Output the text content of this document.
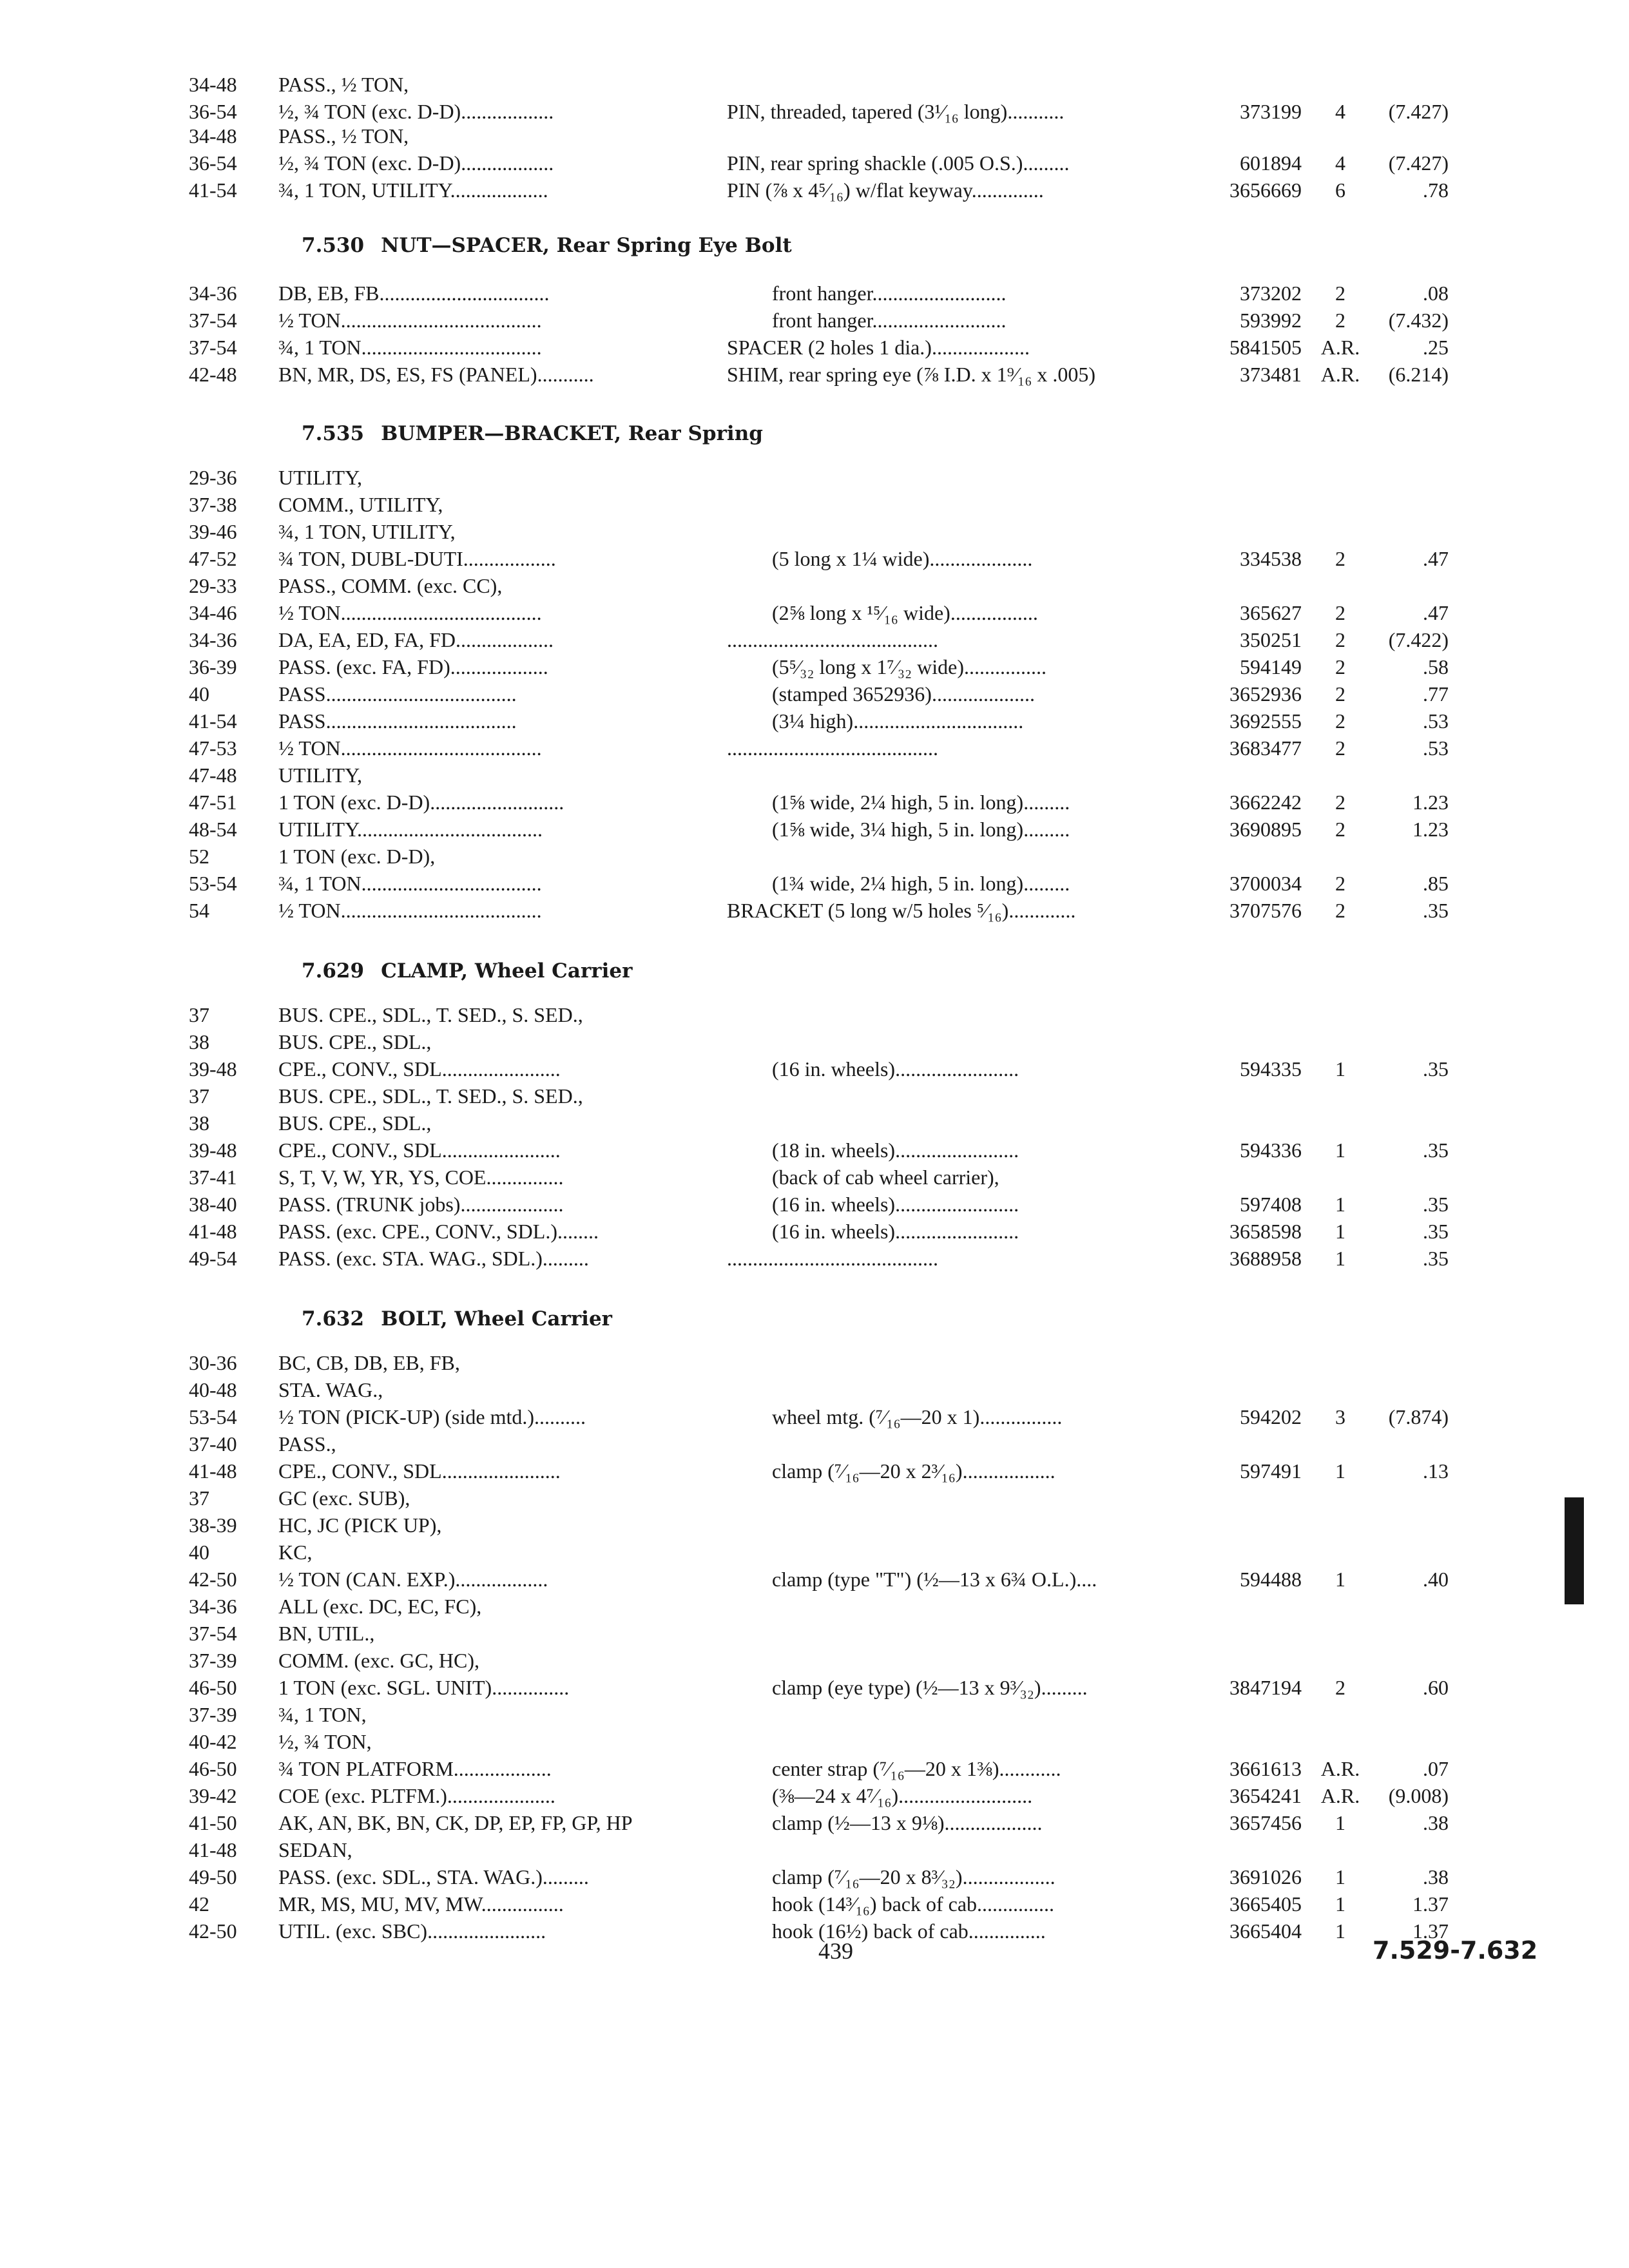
34-48	PASS., ½ TON,
36-54	½, ¾ TON (exc. D-D)..................	PIN, threaded, tapered (3¹⁄₁₆ long)...........	373199	4	(7.427)
34-48	PASS., ½ TON,
36-54	½, ¾ TON (exc. D-D)..................	PIN, rear spring shackle (.005 O.S.).........	601894	4	(7.427)
41-54	¾, 1 TON, UTILITY...................	PIN (⅞ x 4⁵⁄₁₆) w/flat keyway..............	3656669	6	.78
7.530 NUT—SPACER, Rear Spring Eye Bolt
34-36	DB, EB, FB.................................	front hanger..........................	373202	2	.08
37-54	½ TON.......................................	front hanger..........................	593992	2	(7.432)
37-54	¾, 1 TON...................................	SPACER (2 holes 1 dia.)...................	5841505 A.R.	.25
42-48	BN, MR, DS, ES, FS (PANEL)...........	SHIM, rear spring eye (⅞ I.D. x 1⁹⁄₁₆ x .005)	373481 A.R.	(6.214)
7.535 BUMPER—BRACKET, Rear Spring
29-36	UTILITY,
37-38	COMM., UTILITY,
39-46	¾, 1 TON, UTILITY,
47-52	¾ TON, DUBL-DUTI..................	(5 long x 1¼ wide)....................	334538	2	.47
29-33	PASS., COMM. (exc. CC),
34-46	½ TON.......................................	(2⅝ long x ¹⁵⁄₁₆ wide).................	365627	2	.47
34-36	DA, EA, ED, FA, FD...................	.........................................	350251	2	(7.422)
36-39	PASS. (exc. FA, FD)...................	(5⁵⁄₃₂ long x 1⁷⁄₃₂ wide)................	594149	2	.58
40	PASS.....................................	(stamped 3652936)....................	3652936	2	.77
41-54	PASS.....................................	(3¼ high).................................	3692555	2	.53
47-53	½ TON.......................................	.........................................	3683477	2	.53
47-48	UTILITY,
47-51	1 TON (exc. D-D)..........................	(1⅝ wide, 2¼ high, 5 in. long).........	3662242	2	1.23
48-54	UTILITY....................................	(1⅝ wide, 3¼ high, 5 in. long).........	3690895	2	1.23
52	1 TON (exc. D-D),
53-54	¾, 1 TON...................................	(1¾ wide, 2¼ high, 5 in. long).........	3700034	2	.85
54	½ TON.......................................	BRACKET (5 long w/5 holes ⁵⁄₁₆).............	3707576	2	.35
7.629 CLAMP, Wheel Carrier
37	BUS. CPE., SDL., T. SED., S. SED.,
38	BUS. CPE., SDL.,
39-48	CPE., CONV., SDL.......................	(16 in. wheels)........................	594335	1	.35
37	BUS. CPE., SDL., T. SED., S. SED.,
38	BUS. CPE., SDL.,
39-48	CPE., CONV., SDL.......................	(18 in. wheels)........................	594336	1	.35
37-41	S, T, V, W, YR, YS, COE...............	(back of cab wheel carrier),
38-40	PASS. (TRUNK jobs)....................	(16 in. wheels)........................	597408	1	.35
41-48	PASS. (exc. CPE., CONV., SDL.)........	(16 in. wheels)........................	3658598	1	.35
49-54	PASS. (exc. STA. WAG., SDL.).........	.........................................	3688958	1	.35
7.632 BOLT, Wheel Carrier
30-36	BC, CB, DB, EB, FB,
40-48	STA. WAG.,
53-54	½ TON (PICK-UP) (side mtd.)..........	wheel mtg. (⁷⁄₁₆—20 x 1)................	594202	3	(7.874)
37-40	PASS.,
41-48	CPE., CONV., SDL.......................	clamp (⁷⁄₁₆—20 x 2³⁄₁₆)..................	597491	1	.13
37	GC (exc. SUB),
38-39	HC, JC (PICK UP),
40	KC,
42-50	½ TON (CAN. EXP.)..................	clamp (type "T") (½—13 x 6¾ O.L.)....	594488	1	.40
34-36	ALL (exc. DC, EC, FC),
37-54	BN, UTIL.,
37-39	COMM. (exc. GC, HC),
46-50	1 TON (exc. SGL. UNIT)...............	clamp (eye type) (½—13 x 9³⁄₃₂).........	3847194	2	.60
37-39	¾, 1 TON,
40-42	½, ¾ TON,
46-50	¾ TON PLATFORM...................	center strap (⁷⁄₁₆—20 x 1⅜)............	3661613 A.R.	.07
39-42	COE (exc. PLTFM.).....................	(⅜—24 x 4⁷⁄₁₆)..........................	3654241 A.R.	(9.008)
41-50	AK, AN, BK, BN, CK, DP, EP, FP, GP, HP	clamp (½—13 x 9⅛)...................	3657456	1	.38
41-48	SEDAN,
49-50	PASS. (exc. SDL., STA. WAG.).........	clamp (⁷⁄₁₆—20 x 8³⁄₃₂)..................	3691026	1	.38
42	MR, MS, MU, MV, MW................	hook (14³⁄₁₆) back of cab...............	3665405	1	1.37
42-50	UTIL. (exc. SBC).......................	hook (16½) back of cab...............	3665404	1	1.37
439	7.529-7.632
